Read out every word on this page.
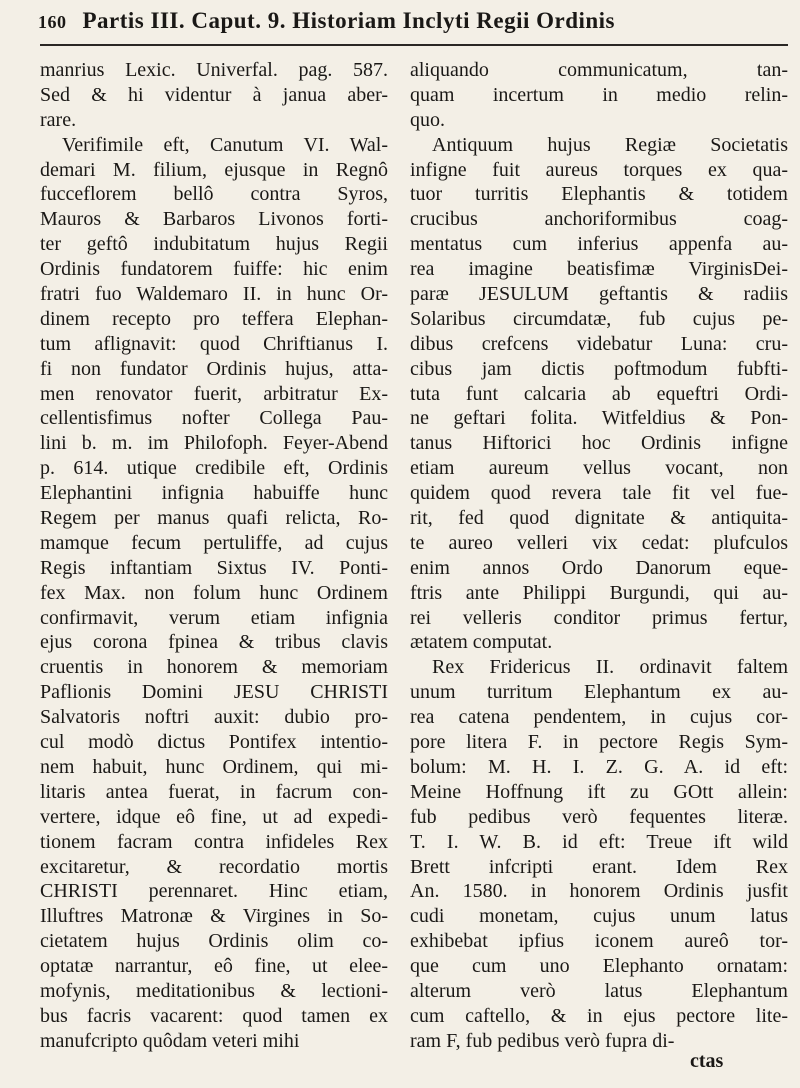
160 Partis III. Caput. 9. Historiam Inclyti Regii Ordinis
manrius Lexic. Univerfal. pag. 587.
Sed & hi videntur à janua aber-
rare.
Verifimile eft, Canutum VI. Wal-
demari M. filium, ejusque in Regnô
fucceflorem bellô contra Syros,
Mauros & Barbaros Livonos forti-
ter geftô indubitatum hujus Regii
Ordinis fundatorem fuiffe: hic enim
fratri fuo Waldemaro II. in hunc Or-
dinem recepto pro teffera Elephan-
tum aflignavit: quod Chriftianus I.
fi non fundator Ordinis hujus, atta-
men renovator fuerit, arbitratur Ex-
cellentisfimus nofter Collega Pau-
lini b. m. im Philofoph. Feyer-Abend
p. 614. utique credibile eft, Ordinis
Elephantini infignia habuiffe hunc
Regem per manus quafi relicta, Ro-
mamque fecum pertuliffe, ad cujus
Regis inftantiam Sixtus IV. Ponti-
fex Max. non folum hunc Ordinem
confirmavit, verum etiam infignia
ejus corona fpinea & tribus clavis
cruentis in honorem & memoriam
Paflionis Domini JESU CHRISTI
Salvatoris noftri auxit: dubio pro-
cul modò dictus Pontifex intentio-
nem habuit, hunc Ordinem, qui mi-
litaris antea fuerat, in facrum con-
vertere, idque eô fine, ut ad expedi-
tionem facram contra infideles Rex
excitaretur, & recordatio mortis
CHRISTI perennaret. Hinc etiam,
Illuftres Matronæ & Virgines in So-
cietatem hujus Ordinis olim co-
optatæ narrantur, eô fine, ut elee-
mofynis, meditationibus & lectioni-
bus facris vacarent: quod tamen ex
manufcripto quôdam veteri mihi
aliquando communicatum, tan-
quam incertum in medio relin-
quo.
Antiquum hujus Regiæ Societatis
infigne fuit aureus torques ex qua-
tuor turritis Elephantis & totidem
crucibus anchoriformibus coag-
mentatus cum inferius appenfa au-
rea imagine beatisfimæ VirginisDei-
paræ JESULUM geftantis & radiis
Solaribus circumdatæ, fub cujus pe-
dibus crefcens videbatur Luna: cru-
cibus jam dictis poftmodum fubfti-
tuta funt calcaria ab equeftri Ordi-
ne geftari folita. Witfeldius & Pon-
tanus Hiftorici hoc Ordinis infigne
etiam aureum vellus vocant, non
quidem quod revera tale fit vel fue-
rit, fed quod dignitate & antiquita-
te aureo velleri vix cedat: plufculos
enim annos Ordo Danorum eque-
ftris ante Philippi Burgundi, qui au-
rei velleris conditor primus fertur,
ætatem computat.
Rex Fridericus II. ordinavit faltem
unum turritum Elephantum ex au-
rea catena pendentem, in cujus cor-
pore litera F. in pectore Regis Sym-
bolum: M. H. I. Z. G. A. id eft:
Meine Hoffnung ift zu GOtt allein:
fub pedibus verò fequentes literæ.
T. I. W. B. id eft: Treue ift wild
Brett infcripti erant. Idem Rex
An. 1580. in honorem Ordinis jusfit
cudi monetam, cujus unum latus
exhibebat ipfius iconem aureô tor-
que cum uno Elephanto ornatam:
alterum verò latus Elephantum
cum caftello, & in ejus pectore lite-
ram F, fub pedibus verò fupra di-
ctas
